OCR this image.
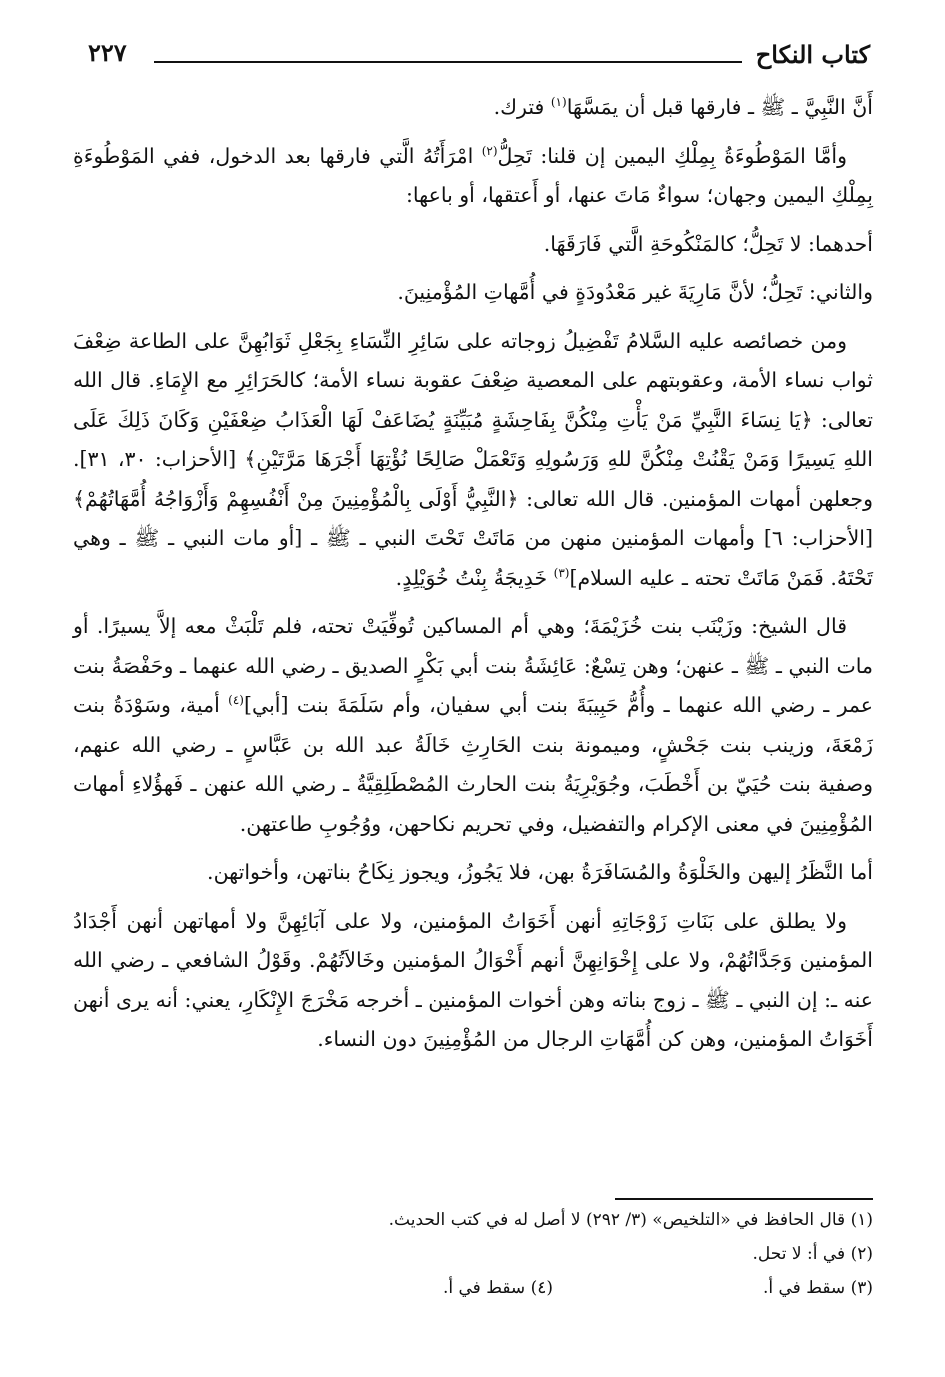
كتاب النكاح
٢٢٧

أَنَّ النَّبِيَّ ـ ﷺ ـ فارقها قبل أن يمَسَّهَا$^{(١)}$ فترك.

وأمَّا المَوْطُوءَةُ بِمِلْكِ اليمين إن قلنا: تَحِلُّ$^{(٢)}$ امْرَأَتُهُ الَّتي فارقها بعد الدخول، ففي المَوْطُوءَةِ بِمِلْكِ اليمين وجهان؛ سواءٌ مَاتَ عنها، أو أَعتقها، أو باعها:

أحدهما: لا تَحِلُّ؛ كالمَنْكُوحَةِ الَّتي فَارَقَهَا.

والثاني: تَحِلُّ؛ لأنَّ مَارِيَةَ غير مَعْدُودَةٍ في أُمَّهاتِ المُؤْمنِينَ.

ومن خصائصه عليه السَّلامُ تَفْضِيلُ زوجاته على سَائِرِ النِّسَاءِ بِجَعْلِ ثَوَابُهِنَّ على الطاعة ضِعْفَ ثواب نساء الأمة، وعقوبتهم على المعصية ضِعْفَ عقوبة نساء الأمة؛ كالحَرَائِرِ مع الإِمَاءِ. قال الله تعالى: ﴿يَا نِسَاءَ النَّبِيِّ مَنْ يَأْتِ مِنْكُنَّ بِفَاحِشَةٍ مُبَيِّنَةٍ يُضَاعَفْ لَهَا الْعَذَابُ ضِعْفَيْنِ وَكَانَ ذَلِكَ عَلَى اللهِ يَسِيرًا وَمَنْ يَقْنُتْ مِنْكُنَّ للهِ وَرَسُولِهِ وَتَعْمَلْ صَالِحًا نُؤْتِهَا أَجْرَهَا مَرَّتَيْنِ﴾ [الأحزاب: ٣٠، ٣١]. وجعلهن أمهات المؤمنين. قال الله تعالى: ﴿النَّبِيُّ أَوْلَى بِالْمُؤْمِنِينَ مِنْ أَنْفُسِهِمْ وَأَزْوَاجُهُ أُمَّهَاتُهُمْ﴾ [الأحزاب: ٦] وأمهات المؤمنين منهن من مَاتَتْ تَحْتَ النبي ـ ﷺ ـ [أو مات النبي ـ ﷺ ـ وهي تَحْتَهُ. فَمَنْ مَاتَتْ تحته ـ عليه السلام]$^{(٣)}$ خَدِيجَةُ بِنْتُ خُوَيْلِدٍ.

قال الشيخ: وزَيْنَب بنت خُزَيْمَةَ؛ وهي أم المساكين تُوفِّيَتْ تحته، فلم تَلْبَثْ معه إلاَّ يسيرًا. أو مات النبي ـ ﷺ ـ عنهن؛ وهن تِسْعٌ: عَائِشَةُ بنت أبي بَكْرٍ الصديق ـ رضي الله عنهما ـ وحَفْصَةُ بنت عمر ـ رضي الله عنهما ـ وأُمُّ حَبِيبَةَ بنت أبي سفيان، وأم سَلَمَةَ بنت [أبي]$^{(٤)}$ أمية، وسَوْدَةُ بنت زَمْعَةَ، وزينب بنت جَحْشٍ، وميمونة بنت الحَارِثِ خَالَةُ عبد الله بن عَبَّاسٍ ـ رضي الله عنهم، وصفية بنت حُيَيّ بن أَخْطَبَ، وجُوَيْرِيَةُ بنت الحارث المُصْطَلِقِيَّةُ ـ رضي الله عنهن ـ فَهؤُلاءِ أمهات المُؤْمِنِينَ في معنى الإكرام والتفضيل، وفي تحريم نكاحهن، ووُجُوبِ طاعتهن.

أما النَّظَرُ إليهن والخَلْوَةُ والمُسَافَرَةُ بهن، فلا يَجُوزُ، ويجوز نِكَاحُ بناتهن، وأخواتهن.

ولا يطلق على بَنَاتِ زَوْجَاتِهِ أنهن أَخَوَاتُ المؤمنين، ولا على آبَائِهِنَّ ولا أمهاتهن أنهن أَجْدَادُ المؤمنين وَجَدَّاتُهُمْ، ولا على إِخْوَانِهِنَّ أنهم أَخْوَالُ المؤمنين وخَالاَتُهُمْ. وقَوْلُ الشافعي ـ رضي الله عنه ـ: إن النبي ـ ﷺ ـ زوج بناته وهن أخوات المؤمنين ـ أخرجه مَخْرَجَ الإِنْكَارِ، يعني: أنه يرى أنهن أَخَوَاتُ المؤمنين، وهن كن أُمَّهَاتِ الرجال من المُؤْمِنِينَ دون النساء.

(١) قال الحافظ في «التلخيص» (٣/ ٢٩٢) لا أصل له في كتب الحديث.

(٢) في أ: لا تحل.

(٣) سقط في أ.

(٤) سقط في أ.
